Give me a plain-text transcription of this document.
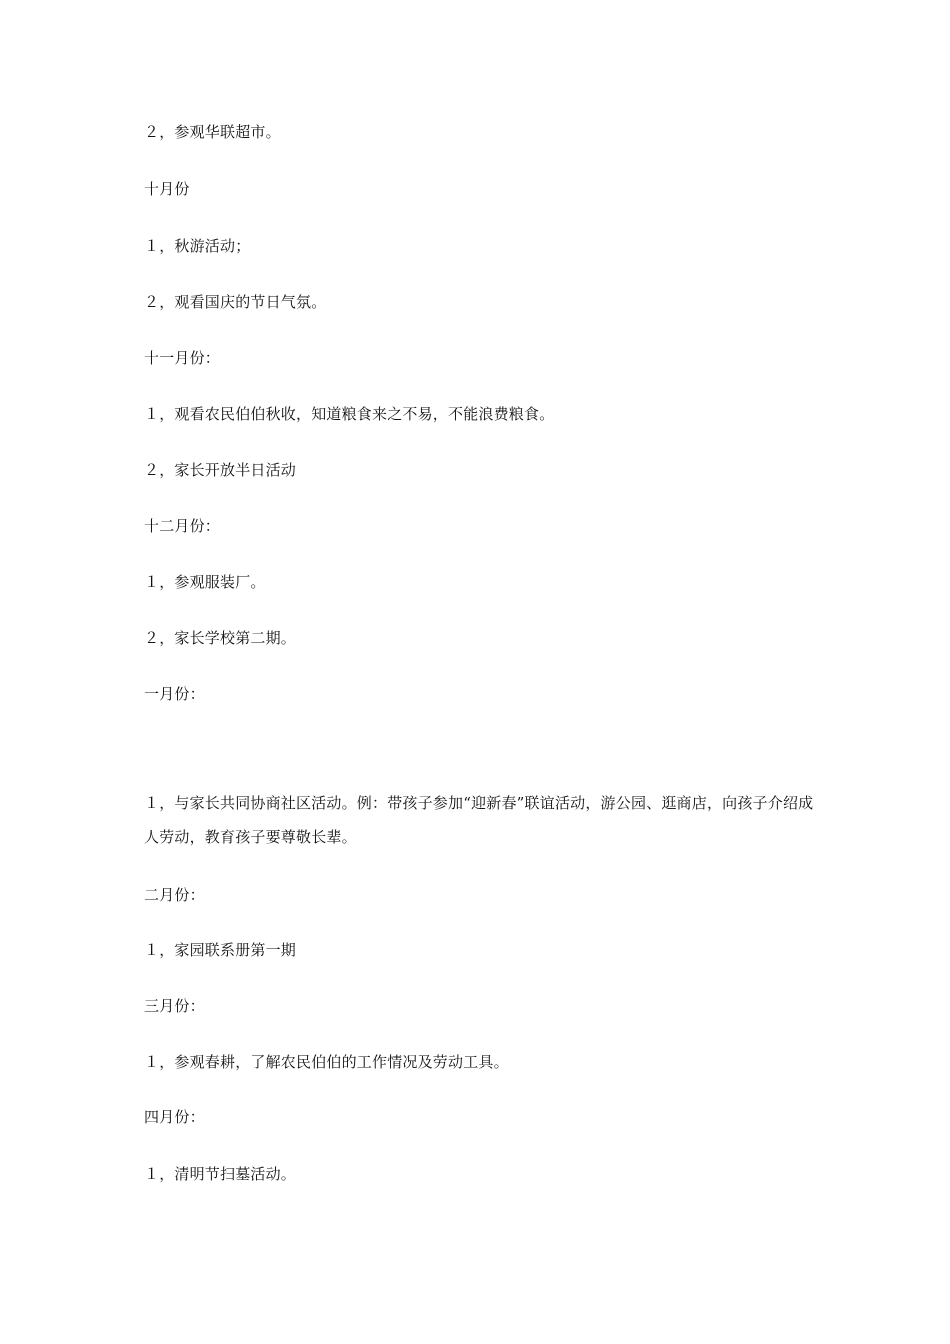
２，参观华联超市。
十月份
１，秋游活动；
２，观看国庆的节日气氛。
十一月份：
１，观看农民伯伯秋收，知道粮食来之不易，不能浪费粮食。
２，家长开放半日活动
十二月份：
１，参观服装厂。
２，家长学校第二期。
一月份：
１，与家长共同协商社区活动。例：带孩子参加“迎新春”联谊活动，游公园、逛商店，向孩子介绍成人劳动，教育孩子要尊敬长辈。
二月份：
１，家园联系册第一期
三月份：
１，参观春耕，了解农民伯伯的工作情况及劳动工具。
四月份：
１，清明节扫墓活动。
